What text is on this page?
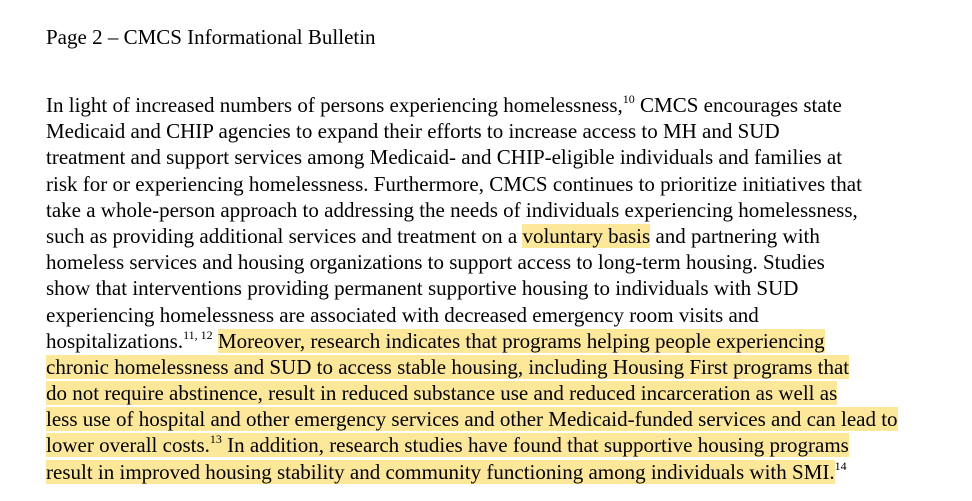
Page 2 – CMCS Informational Bulletin
In light of increased numbers of persons experiencing homelessness,$^{10}$ CMCS encourages state
Medicaid and CHIP agencies to expand their efforts to increase access to MH and SUD
treatment and support services among Medicaid- and CHIP-eligible individuals and families at
risk for or experiencing homelessness. Furthermore, CMCS continues to prioritize initiatives that
take a whole-person approach to addressing the needs of individuals experiencing homelessness,
such as providing additional services and treatment on a voluntary basis and partnering with
homeless services and housing organizations to support access to long-term housing. Studies
show that interventions providing permanent supportive housing to individuals with SUD
experiencing homelessness are associated with decreased emergency room visits and
hospitalizations.$^{11, 12}$ Moreover, research indicates that programs helping people experiencing
chronic homelessness and SUD to access stable housing, including Housing First programs that
do not require abstinence, result in reduced substance use and reduced incarceration as well as
less use of hospital and other emergency services and other Medicaid-funded services and can lead to
lower overall costs.$^{13}$ In addition, research studies have found that supportive housing programs
result in improved housing stability and community functioning among individuals with SMI.$^{14}$
